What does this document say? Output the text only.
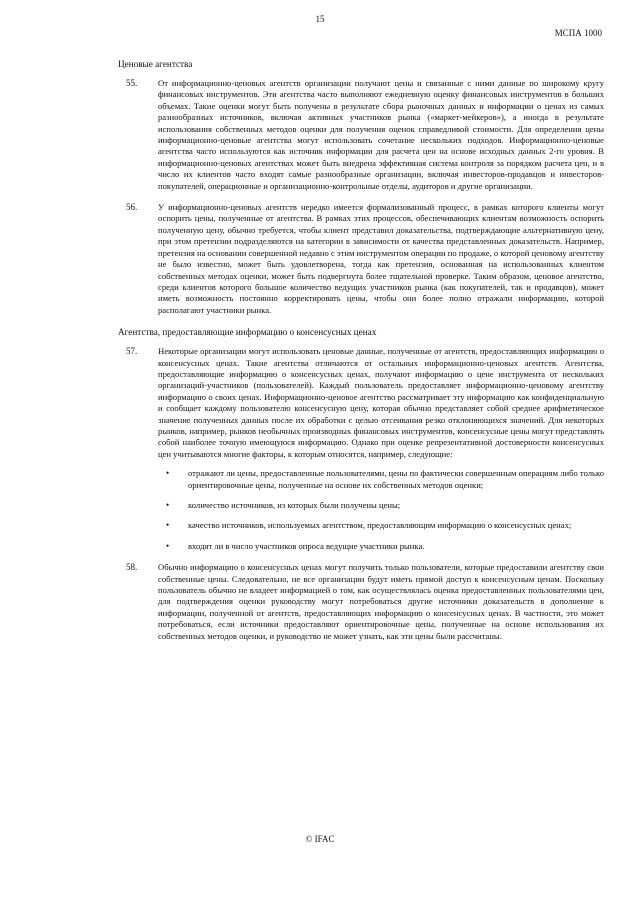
15
МСПА 1000
Ценовые агентства
55. От информационно-ценовых агентств организации получают цены и связанные с ними данные по широкому кругу финансовых инструментов. Эти агентства часто выполняют ежедневную оценку финансовых инструментов в больших объемах. Такие оценки могут быть получены в результате сбора рыночных данных и информации о ценах из самых разнообразных источников, включая активных участников рынка («маркет-мейкеров»), а иногда в результате использования собственных методов оценки для получения оценок справедливой стоимости. Для определения цены информационно-ценовые агентства могут использовать сочетание нескольких подходов. Информационно-ценовые агентства часто используются как источник информации для расчета цен на основе исходных данных 2-го уровня. В информационно-ценовых агентствах может быть внедрена эффективная система контроля за порядком расчета цен, и в число их клиентов часто входят самые разнообразные организации, включая инвесторов-продавцов и инвесторов-покупателей, операционные и организационно-контрольные отделы, аудиторов и другие организации.
56. У информационно-ценовых агентств нередко имеется формализованный процесс, в рамках которого клиенты могут оспорить цены, полученные от агентства. В рамках этих процессов, обеспечивающих клиентам возможность оспорить полученную цену, обычно требуется, чтобы клиент представил доказательства, подтверждающие альтернативную цену, при этом претензии подразделяются на категории в зависимости от качества представленных доказательств. Например, претензия на основании совершенной недавно с этим инструментом операции по продаже, о которой ценовому агентству не было известно, может быть удовлетворена, тогда как претензия, основанная на использованных клиентом собственных методах оценки, может быть подвергнута более тщательной проверке. Таким образом, ценовое агентство, среди клиентов которого большое количество ведущих участников рынка (как покупателей, так и продавцов), может иметь возможность постоянно корректировать цены, чтобы они более полно отражали информацию, которой располагают участники рынка.
Агентства, предоставляющие информацию о консенсусных ценах
57. Некоторые организации могут использовать ценовые данные, полученные от агентств, предоставляющих информацию о консенсусных ценах. Такие агентства отличаются от остальных информационно-ценовых агентств. Агентства, предоставляющие информацию о консенсусных ценах, получают информацию о цене инструмента от нескольких организаций-участников (пользователей). Каждый пользователь предоставляет информационно-ценовому агентству информацию о своих ценах. Информационно-ценовое агентство рассматривает эту информацию как конфиденциальную и сообщает каждому пользователю консенсусную цену, которая обычно представляет собой среднее арифметическое значение полученных данных после их обработки с целью отсеивания резко отклоняющихся значений. Для некоторых рынков, например, рынков необычных производных финансовых инструментов, консенсусные цены могут представлять собой наиболее точную имеющуюся информацию. Однако при оценке репрезентативной достоверности консенсусных цен учитываются многие факторы, к которым относятся, например, следующие:
• отражают ли цены, предоставленные пользователями, цены по фактически совершенным операциям либо только ориентировочные цены, полученные на основе их собственных методов оценки;
• количество источников, из которых были получены цены;
• качество источников, используемых агентством, предоставляющим информацию о консенсусных ценах;
• входят ли в число участников опроса ведущие участники рынка.
58. Обычно информацию о консенсусных ценах могут получить только пользователи, которые предоставили агентству свои собственные цены. Следовательно, не все организации будут иметь прямой доступ к консенсусным ценам. Поскольку пользователь обычно не владеет информацией о том, как осуществлялась оценка предоставленных пользователями цен, для подтверждения оценки руководству могут потребоваться другие источники доказательств в дополнение к информации, полученной от агентств, предоставляющих информацию о консенсусных ценах. В частности, это может потребоваться, если источники предоставляют ориентировочные цены, полученные на основе использования их собственных методов оценки, и руководство не может узнать, как эти цены были рассчитаны.
© IFAC
